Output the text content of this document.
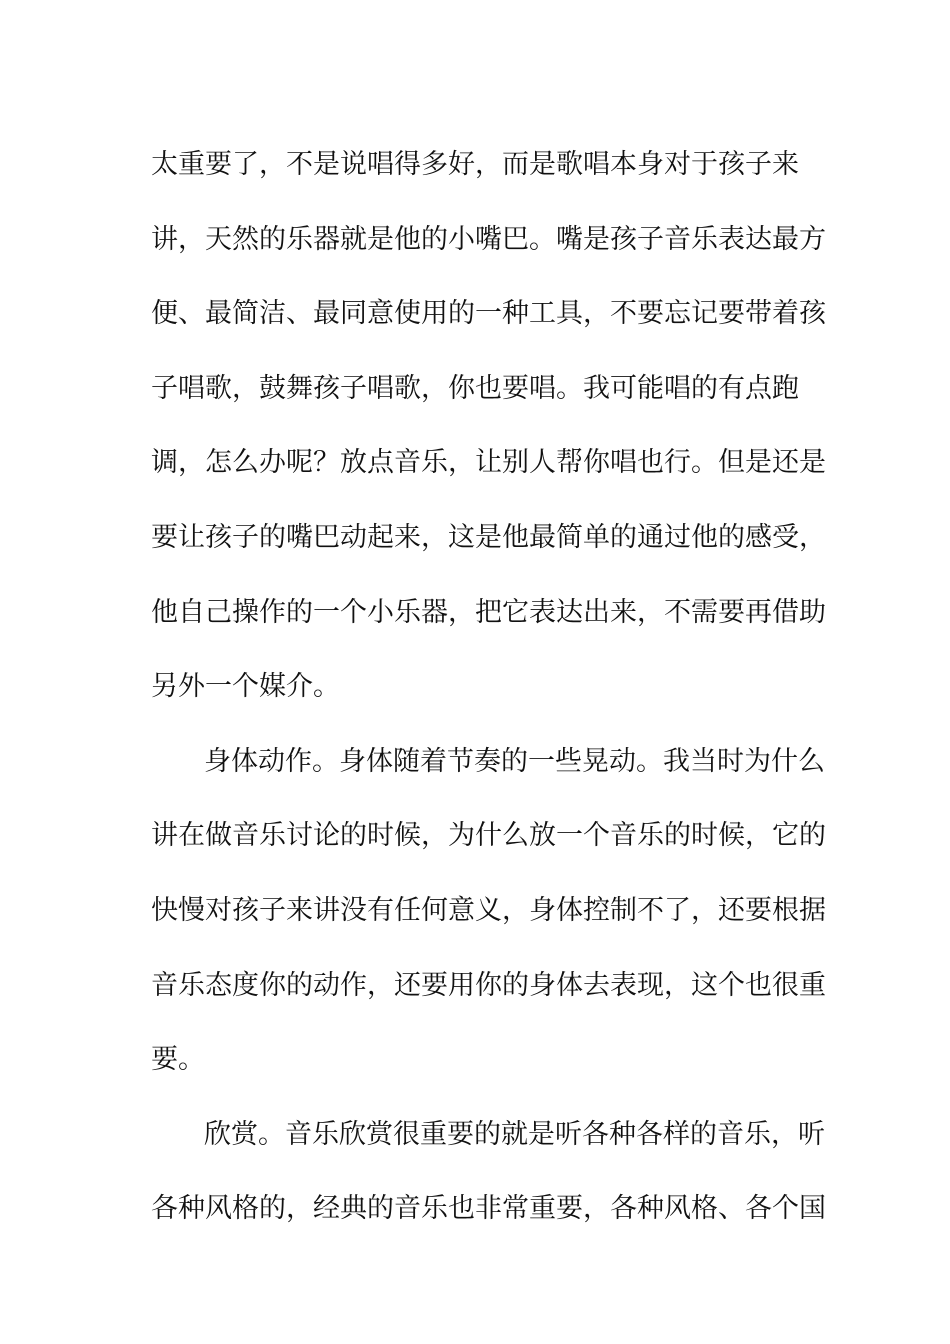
太重要了，不是说唱得多好，而是歌唱本身对于孩子来
讲，天然的乐器就是他的小嘴巴。嘴是孩子音乐表达最方
便、最简洁、最同意使用的一种工具，不要忘记要带着孩
子唱歌，鼓舞孩子唱歌，你也要唱。我可能唱的有点跑
调，怎么办呢？放点音乐，让别人帮你唱也行。但是还是
要让孩子的嘴巴动起来，这是他最简单的通过他的感受，
他自己操作的一个小乐器，把它表达出来，不需要再借助
另外一个媒介。
身体动作。身体随着节奏的一些晃动。我当时为什么
讲在做音乐讨论的时候，为什么放一个音乐的时候，它的
快慢对孩子来讲没有任何意义，身体控制不了，还要根据
音乐态度你的动作，还要用你的身体去表现，这个也很重
要。
欣赏。音乐欣赏很重要的就是听各种各样的音乐，听
各种风格的，经典的音乐也非常重要，各种风格、各个国
